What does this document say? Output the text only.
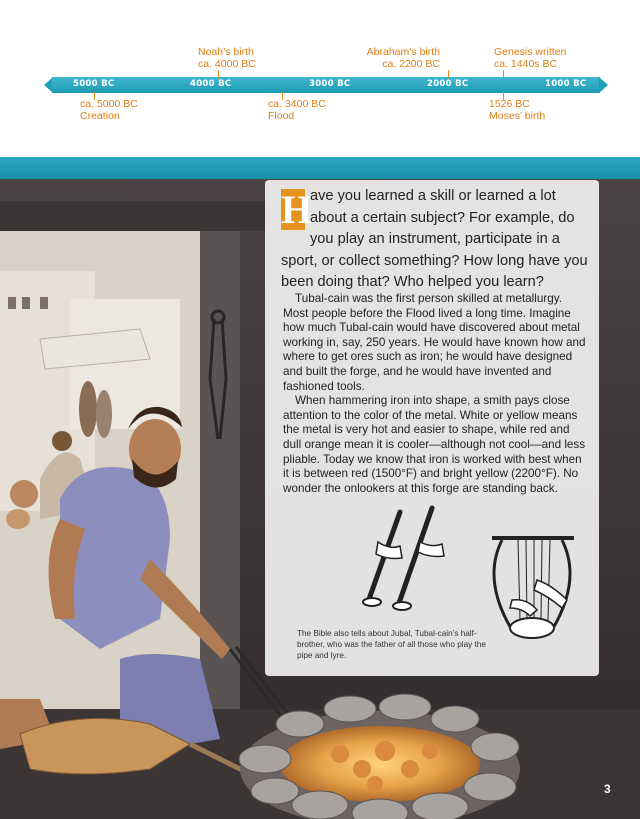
5000 BC	4000 BC	3000 BC	2000 BC	1000 BC
Noah’s birth
ca. 4000 BC
Abraham’s birth
ca. 2200 BC
Genesis written
ca. 1440s BC
ca. 5000 BC
Creation
ca. 3400 BC
Flood
1526 BC
Moses’ birth
H
ave you learned a skill or learned a lot about a certain subject? For example, do you play an instrument, participate in a sport, or collect something? How long have you been doing that? Who helped you learn?

Tubal-cain was the first person skilled at metallurgy. Most people before the Flood lived a long time. Imagine how much Tubal-cain would have discovered about metal working in, say, 250 years. He would have known how and where to get ores such as iron; he would have designed and built the forge, and he would have invented and fashioned tools.

When hammering iron into shape, a smith pays close attention to the color of the metal. White or yellow means the metal is very hot and easier to shape, while red and dull orange mean it is cooler—although not cool—and less pliable. Today we know that iron is worked with best when it is between red (1500°F) and bright yellow (2200°F). No wonder the onlookers at this forge are standing back.

The Bible also tells about Jubal, Tubal-cain’s half-brother, who was the father of all those who play the pipe and lyre.
3
